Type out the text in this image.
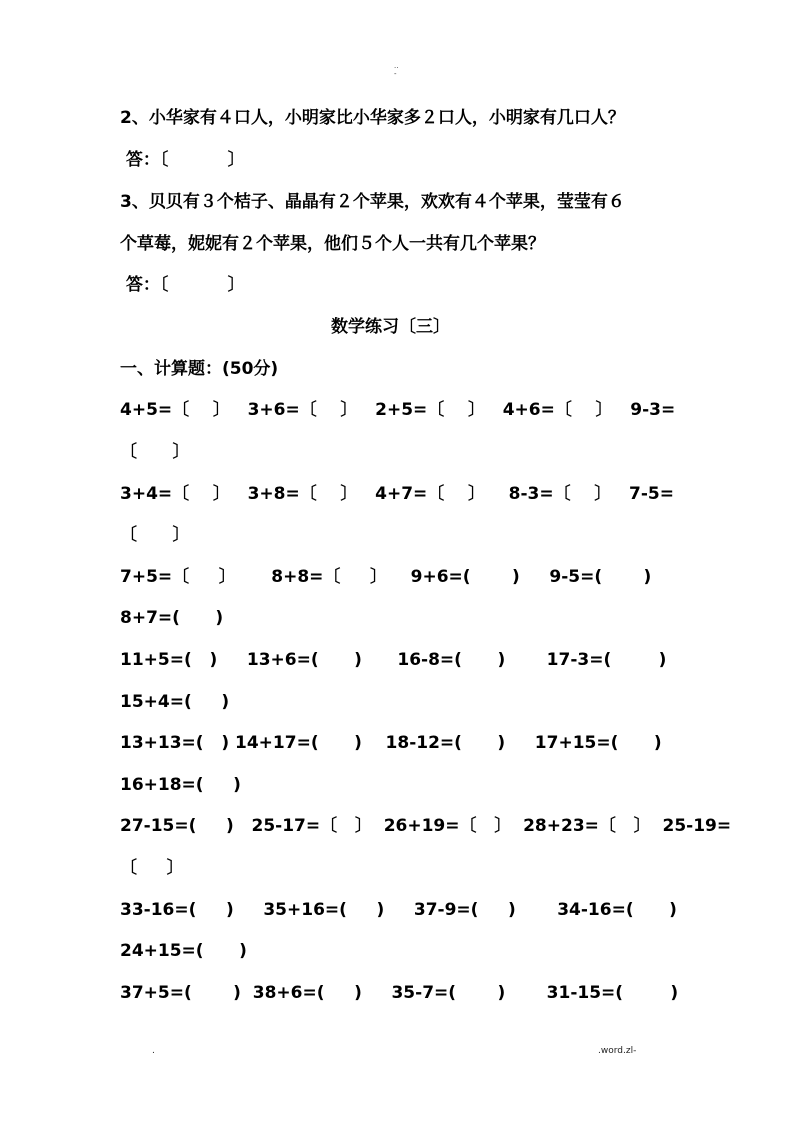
..
-
2、小华家有４口人，小明家比小华家多２口人，小明家有几口人？
答：〔          〕
3、贝贝有３个桔子、晶晶有２个苹果，欢欢有４个苹果，莹莹有６
个草莓，妮妮有２个苹果，他们５个人一共有几个苹果？
答：〔          〕
数学练习〔三〕
一、计算题：(50分)
4+5=〔    〕   3+6=〔    〕   2+5=〔    〕   4+6=〔    〕   9-3=
〔      〕
3+4=〔    〕   3+8=〔    〕   4+7=〔    〕    8-3=〔    〕   7-5=
〔      〕
7+5=〔     〕      8+8=〔     〕    9+6=(       )     9-5=(       )
8+7=(      )
11+5=(   )     13+6=(      )      16-8=(      )       17-3=(        )
15+4=(     )
13+13=(   ) 14+17=(      )    18-12=(      )     17+15=(      )
16+18=(     )
27-15=(     )   25-17=〔   〕  26+19=〔   〕  28+23=〔   〕  25-19=
〔     〕
33-16=(     )     35+16=(     )     37-9=(     )       34-16=(      )
24+15=(      )
37+5=(       )  38+6=(     )     35-7=(       )       31-15=(        )
.	.word.zl-
